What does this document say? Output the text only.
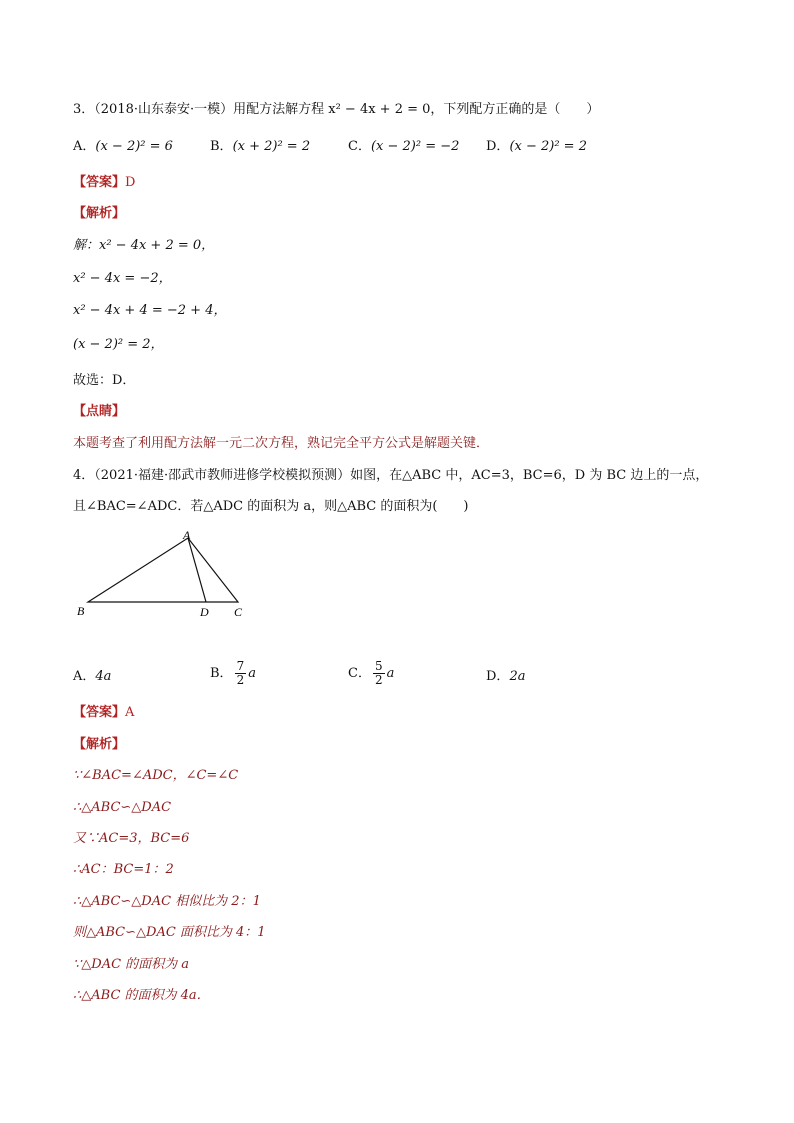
3．（2018·山东泰安·一模）用配方法解方程 x² − 4x + 2 = 0，下列配方正确的是（　　）
A．(x − 2)² = 6	B．(x + 2)² = 2	C．(x − 2)² = −2 D．(x − 2)² = 2
【答案】D
【解析】
解：x² − 4x + 2 = 0，
x² − 4x = −2，
x² − 4x + 4 = −2 + 4，
(x − 2)² = 2，
故选：D．
【点睛】
本题考查了利用配方法解一元二次方程，熟记完全平方公式是解题关键．
4．（2021·福建·邵武市教师进修学校模拟预测）如图，在△ABC 中，AC=3，BC=6，D 为 BC 边上的一点，
且∠BAC=∠ADC．若△ADC 的面积为 a，则△ABC 的面积为(　　)
A
B	D C
A．4a	B． $\frac{7}{2}$ a	C． $\frac{5}{2}$ a	D．2a
【答案】A
【解析】
∵∠BAC=∠ADC，∠C=∠C
∴△ABC∽△DAC
又∵AC=3，BC=6
∴AC：BC=1：2
∴△ABC∽△DAC 相似比为 2：1
则△ABC∽△DAC 面积比为 4：1
∵△DAC 的面积为 a
∴△ABC 的面积为 4a．
